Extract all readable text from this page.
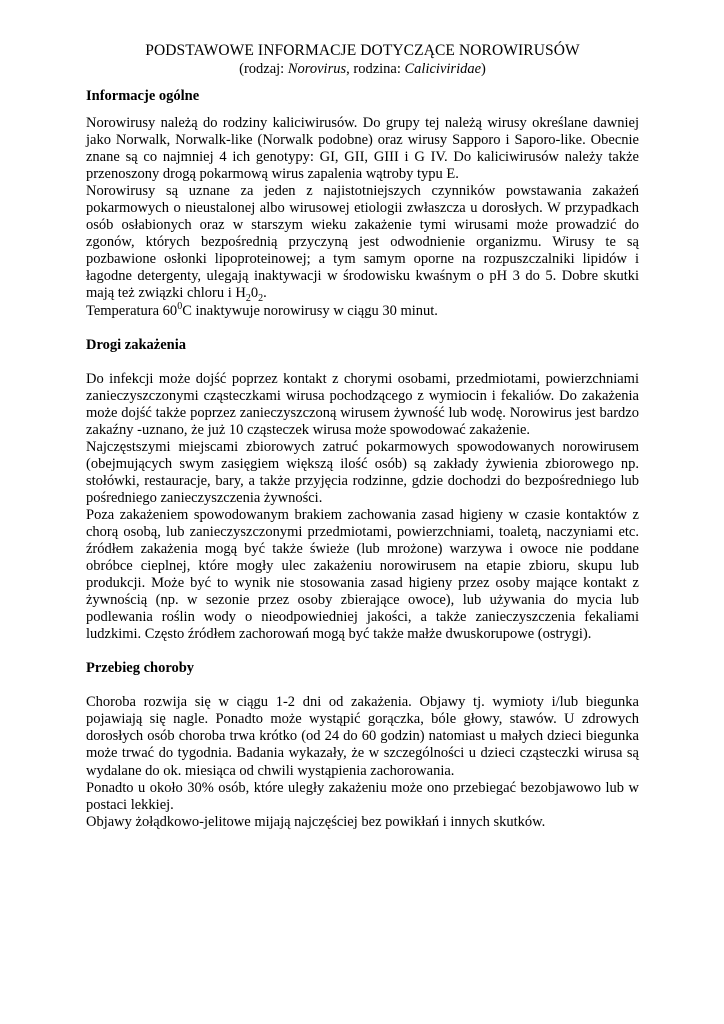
PODSTAWOWE INFORMACJE DOTYCZĄCE NOROWIRUSÓW

(rodzaj: Norovirus, rodzina: Caliciviridae)

Informacje ogólne

Norowirusy należą do rodziny kaliciwirusów. Do grupy tej należą wirusy określane dawniej jako Norwalk, Norwalk-like (Norwalk podobne) oraz wirusy Sapporo i Saporo-like. Obecnie znane są co najmniej 4 ich genotypy: GI, GII, GIII i G IV. Do kaliciwirusów należy także przenoszony drogą pokarmową wirus zapalenia wątroby typu E.

Norowirusy są uznane za jeden z najistotniejszych czynników powstawania zakażeń pokarmowych o nieustalonej albo wirusowej etiologii zwłaszcza u dorosłych. W przypadkach osób osłabionych oraz w starszym wieku zakażenie tymi wirusami może prowadzić do zgonów, których bezpośrednią przyczyną jest odwodnienie organizmu. Wirusy te są pozbawione osłonki lipoproteinowej; a tym samym oporne na rozpuszczalniki lipidów i łagodne detergenty, ulegają inaktywacji w środowisku kwaśnym o pH 3 do 5. Dobre skutki mają też związki chloru i $H_20_2$.

Temperatura $60^0C$ inaktywuje norowirusy w ciągu 30 minut.

Drogi zakażenia

Do infekcji może dojść poprzez kontakt z chorymi osobami, przedmiotami, powierzchniami zanieczyszczonymi cząsteczkami wirusa pochodzącego z wymiocin i fekaliów. Do zakażenia może dojść także poprzez zanieczyszczoną wirusem żywność lub wodę. Norowirus jest bardzo zakaźny -uznano, że już 10 cząsteczek wirusa może spowodować zakażenie.

Najczęstszymi miejscami zbiorowych zatruć pokarmowych spowodowanych norowirusem (obejmujących swym zasięgiem większą ilość osób) są zakłady żywienia zbiorowego np. stołówki, restauracje, bary, a także przyjęcia rodzinne, gdzie dochodzi do bezpośredniego lub pośredniego zanieczyszczenia żywności.

Poza zakażeniem spowodowanym brakiem zachowania zasad higieny w czasie kontaktów z chorą osobą, lub zanieczyszczonymi przedmiotami, powierzchniami, toaletą, naczyniami etc. źródłem zakażenia mogą być także świeże (lub mrożone) warzywa i owoce nie poddane obróbce cieplnej, które mogły ulec zakażeniu norowirusem na etapie zbioru, skupu lub produkcji. Może być to wynik nie stosowania zasad higieny przez osoby mające kontakt z żywnością (np. w sezonie przez osoby zbierające owoce), lub używania do mycia lub podlewania roślin wody o nieodpowiedniej jakości, a także zanieczyszczenia fekaliami ludzkimi. Często źródłem zachorowań mogą być także małże dwuskorupowe (ostrygi).

Przebieg choroby

Choroba rozwija się w ciągu 1-2 dni od zakażenia. Objawy tj. wymioty i/lub biegunka pojawiają się nagle. Ponadto może wystąpić gorączka, bóle głowy, stawów. U zdrowych dorosłych osób choroba trwa krótko (od 24 do 60 godzin) natomiast u małych dzieci biegunka może trwać do tygodnia. Badania wykazały, że w szczególności u dzieci cząsteczki wirusa są wydalane do ok. miesiąca od chwili wystąpienia zachorowania.

Ponadto u około 30% osób, które uległy zakażeniu może ono przebiegać bezobjawowo lub w postaci lekkiej.

Objawy żołądkowo-jelitowe mijają najczęściej bez powikłań i innych skutków.
